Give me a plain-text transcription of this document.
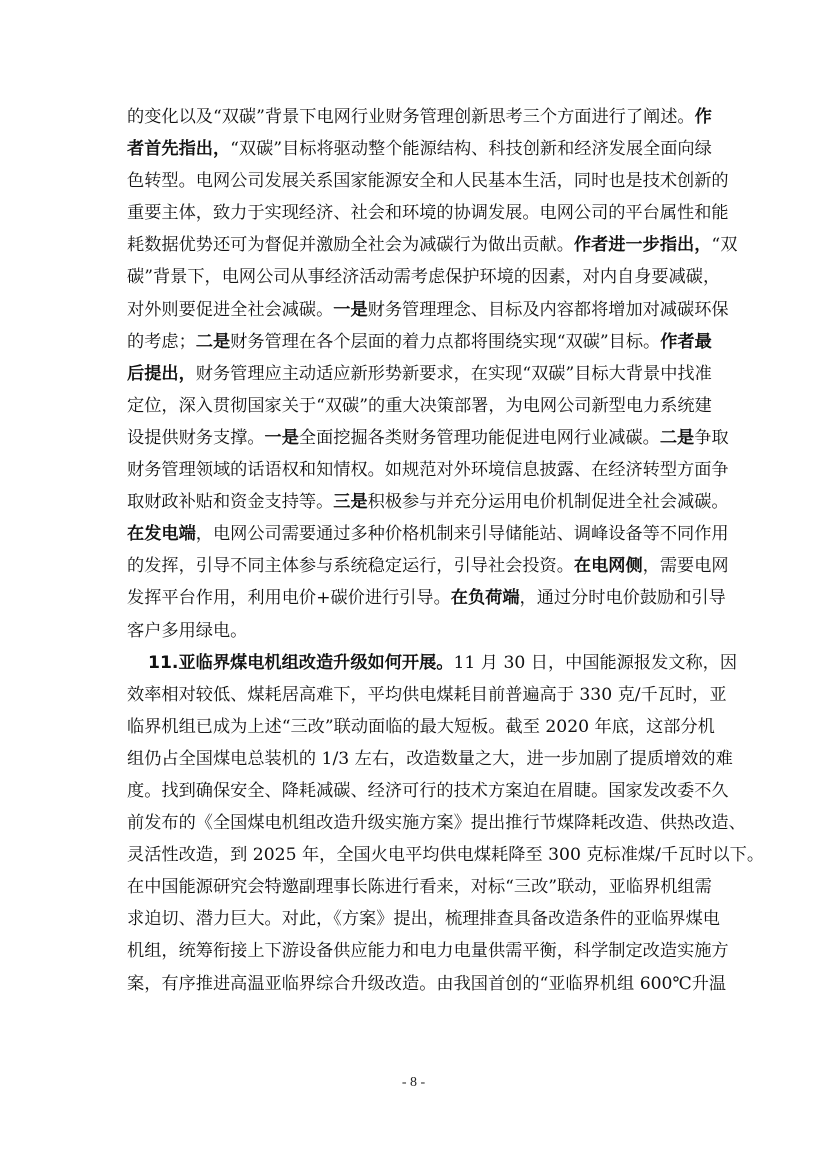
的变化以及“双碳”背景下电网行业财务管理创新思考三个方面进行了阐述。作
者首先指出，“双碳”目标将驱动整个能源结构、科技创新和经济发展全面向绿
色转型。电网公司发展关系国家能源安全和人民基本生活，同时也是技术创新的
重要主体，致力于实现经济、社会和环境的协调发展。电网公司的平台属性和能
耗数据优势还可为督促并激励全社会为减碳行为做出贡献。作者进一步指出，“双
碳”背景下，电网公司从事经济活动需考虑保护环境的因素，对内自身要减碳，
对外则要促进全社会减碳。一是财务管理理念、目标及内容都将增加对减碳环保
的考虑；二是财务管理在各个层面的着力点都将围绕实现“双碳”目标。作者最
后提出，财务管理应主动适应新形势新要求，在实现“双碳”目标大背景中找准
定位，深入贯彻国家关于“双碳”的重大决策部署，为电网公司新型电力系统建
设提供财务支撑。一是全面挖掘各类财务管理功能促进电网行业减碳。二是争取
财务管理领域的话语权和知情权。如规范对外环境信息披露、在经济转型方面争
取财政补贴和资金支持等。三是积极参与并充分运用电价机制促进全社会减碳。
在发电端，电网公司需要通过多种价格机制来引导储能站、调峰设备等不同作用
的发挥，引导不同主体参与系统稳定运行，引导社会投资。在电网侧，需要电网
发挥平台作用，利用电价+碳价进行引导。在负荷端，通过分时电价鼓励和引导
客户多用绿电。
11.亚临界煤电机组改造升级如何开展。11 月 30 日，中国能源报发文称，因
效率相对较低、煤耗居高难下，平均供电煤耗目前普遍高于 330 克/千瓦时，亚
临界机组已成为上述“三改”联动面临的最大短板。截至 2020 年底，这部分机
组仍占全国煤电总装机的 1/3 左右，改造数量之大，进一步加剧了提质增效的难
度。找到确保安全、降耗减碳、经济可行的技术方案迫在眉睫。国家发改委不久
前发布的《全国煤电机组改造升级实施方案》提出推行节煤降耗改造、供热改造、
灵活性改造，到 2025 年，全国火电平均供电煤耗降至 300 克标准煤/千瓦时以下。
在中国能源研究会特邀副理事长陈进行看来，对标“三改”联动，亚临界机组需
求迫切、潜力巨大。对此，《方案》提出，梳理排查具备改造条件的亚临界煤电
机组，统筹衔接上下游设备供应能力和电力电量供需平衡，科学制定改造实施方
案，有序推进高温亚临界综合升级改造。由我国首创的“亚临界机组 600℃升温
- 8 -
